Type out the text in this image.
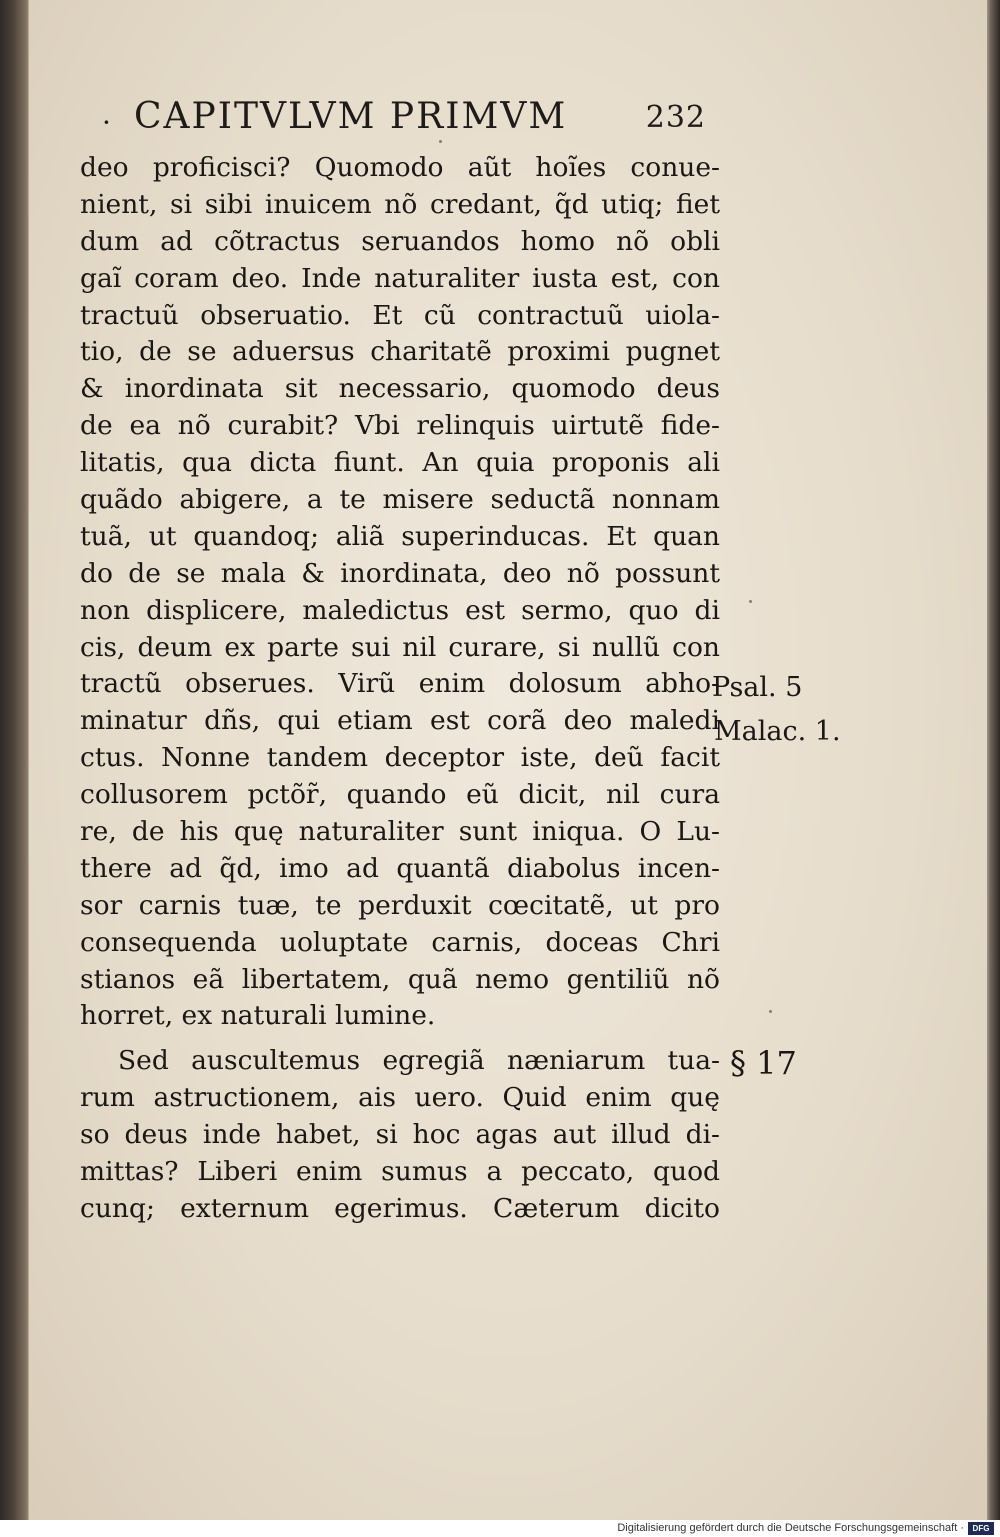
· CAPITVLVM PRIMVM	232
deo proficisci? Quomodo aũt hoĩes conue-
nient, si sibi inuicem nõ credant, q̃d utiq; fiet
dum ad cõtractus seruandos homo nõ obli
gaĩ coram deo. Inde naturaliter iusta est, con
tractuũ obseruatio. Et cũ contractuũ uiola-
tio, de se aduersus charitatẽ proximi pugnet
& inordinata sit necessario, quomodo deus
de ea nõ curabit? Vbi relinquis uirtutẽ fide-
litatis, qua dicta fiunt. An quia proponis ali
quãdo abigere, a te misere seductã nonnam
tuã, ut quandoq; aliã superinducas. Et quan
do de se mala & inordinata, deo nõ possunt
non displicere, maledictus est sermo, quo di
cis, deum ex parte sui nil curare, si nullũ con
tractũ obserues. Virũ enim dolosum abho-
minatur dñs, qui etiam est corã deo maledi
ctus. Nonne tandem deceptor iste, deũ facit
collusorem pctõr̃, quando eũ dicit, nil cura
re, de his quę naturaliter sunt iniqua. O Lu-
there ad q̃d, imo ad quantã diabolus incen-
sor carnis tuæ, te perduxit cœcitatẽ, ut pro
consequenda uoluptate carnis, doceas Chri
stianos eã libertatem, quã nemo gentiliũ nõ
horret, ex naturali lumine.
Sed auscultemus egregiã næniarum tua-
rum astructionem, ais uero. Quid enim quę
so deus inde habet, si hoc agas aut illud di-
mittas? Liberi enim sumus a peccato, quod
cunq; externum egerimus. Cæterum dicito
Psal. 5
Malac. 1.
§ 17
Digitalisierung gefördert durch die Deutsche Forschungsgemeinschaft ·	DFG
